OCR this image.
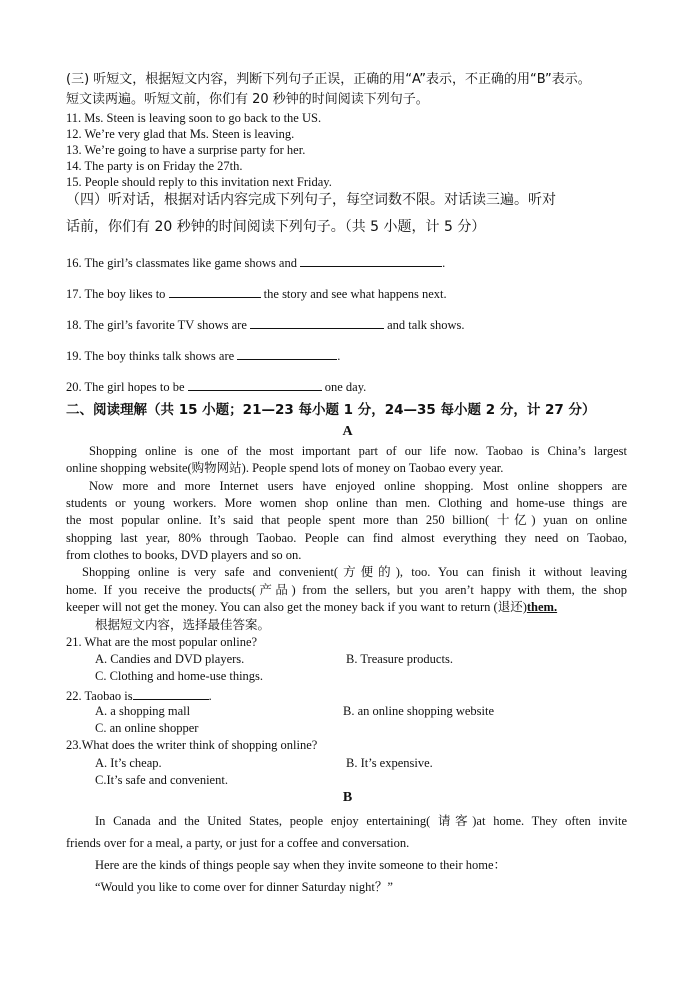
(三) 听短文，根据短文内容，判断下列句子正误，正确的用“A”表示，不正确的用“B”表示。
短文读两遍。听短文前，你们有 20 秒钟的时间阅读下列句子。
11. Ms. Steen is leaving soon to go back to the US.
12. We’re very glad that Ms. Steen is leaving.
13. We’re going to have a surprise party for her.
14. The party is on Friday the 27th.
15. People should reply to this invitation next Friday.
（四）听对话，根据对话内容完成下列句子，每空词数不限。对话读三遍。听对
话前，你们有 20 秒钟的时间阅读下列句子。（共 5 小题，计 5 分）
16. The girl’s classmates like game shows and	.
17. The boy likes to	the story and see what happens next.
18. The girl’s favorite TV shows are	and talk shows.
19. The boy thinks talk shows are	.
20. The girl hopes to be	one day.
二、阅读理解（共 15 小题；21—23 每小题 1 分，24—35 每小题 2 分，计 27 分）
A
Shopping online is one of the most important part of our life now. Taobao is China’s largest
online shopping website(购物网站). People spend lots of money on Taobao every year.
Now more and more Internet users have enjoyed online shopping. Most online shoppers are
students or young workers. More women shop online than men. Clothing and home-use things are
the most popular online. It’s said that people spent more than 250 billion( 十亿) yuan on online
shopping last year, 80% through Taobao. People can find almost everything they need on Taobao,
from clothes to books, DVD players and so on.
Shopping online is very safe and convenient(方便的), too. You can finish it without leaving
home. If you receive the products(产品) from the sellers, but you aren’t happy with them, the shop
keeper will not get the money. You can also get the money back if you want to return (退还)them.
根据短文内容，选择最佳答案。
21. What are the most popular online?
A. Candies and DVD players.	B. Treasure products.
C. Clothing and home-use things.
22. Taobao is	.
A. a shopping mall	B. an online shopping website
C. an online shopper
23.What does the writer think of shopping online?
A. It’s cheap.	B. It’s expensive.
C.It’s safe and convenient.
B
In Canada and the United States, people enjoy entertaining( 请客)at home. They often invite
friends over for a meal, a party, or just for a coffee and conversation.
Here are the kinds of things people say when they invite someone to their home：
“Would you like to come over for dinner Saturday night？”
